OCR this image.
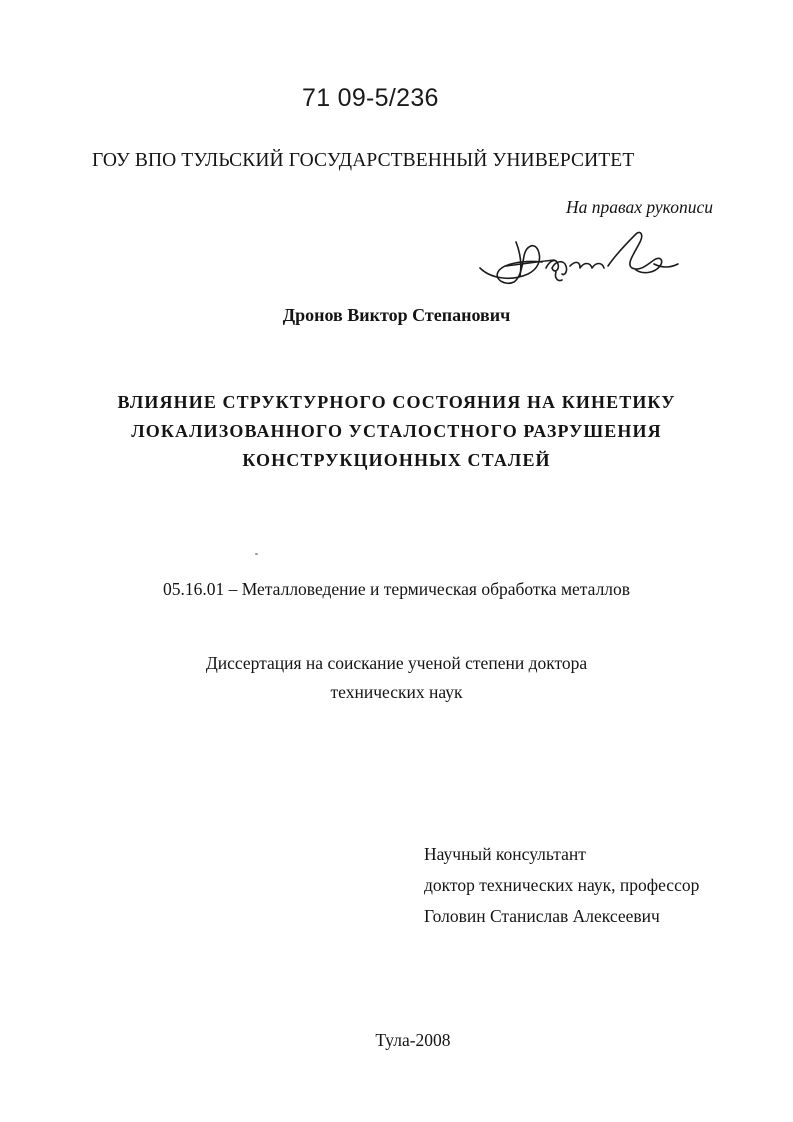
71 09-5/236
ГОУ ВПО ТУЛЬСКИЙ ГОСУДАРСТВЕННЫЙ УНИВЕРСИТЕТ
На правах рукописи
Дронов Виктор Степанович
ВЛИЯНИЕ СТРУКТУРНОГО СОСТОЯНИЯ НА КИНЕТИКУ
ЛОКАЛИЗОВАННОГО УСТАЛОСТНОГО РАЗРУШЕНИЯ
КОНСТРУКЦИОННЫХ СТАЛЕЙ
05.16.01 – Металловедение и термическая обработка металлов
Диссертация на соискание ученой степени доктора
технических наук
Научный консультант
доктор технических наук, профессор
Головин Станислав Алексеевич
Тула-2008
